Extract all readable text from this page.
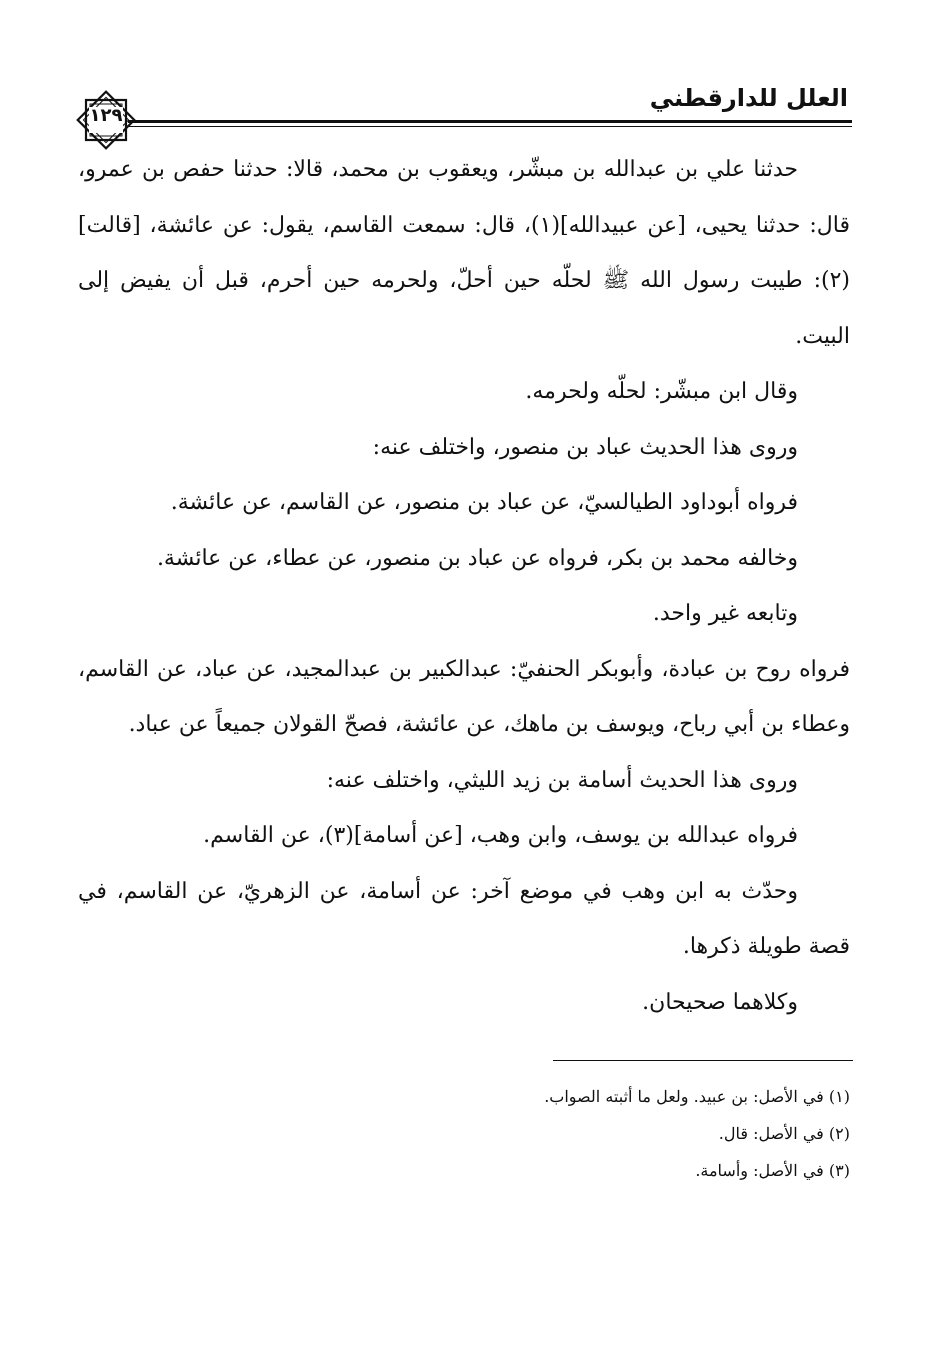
العلل للدارقطني
١٢٩

حدثنا علي بن عبدالله بن مبشّر، ويعقوب بن محمد، قالا: حدثنا حفص بن عمرو، قال: حدثنا يحيى، [عن عبيدالله](١)، قال: سمعت القاسم، يقول: عن عائشة، [قالت](٢): طيبت رسول الله ﷺ لحلّه حين أحلّ، ولحرمه حين أحرم، قبل أن يفيض إلى البيت.

وقال ابن مبشّر: لحلّه ولحرمه.

وروى هذا الحديث عباد بن منصور، واختلف عنه:

فرواه أبوداود الطيالسيّ، عن عباد بن منصور، عن القاسم، عن عائشة.

وخالفه محمد بن بكر، فرواه عن عباد بن منصور، عن عطاء، عن عائشة.

وتابعه غير واحد.

فرواه روح بن عبادة، وأبوبكر الحنفيّ: عبدالكبير بن عبدالمجيد، عن عباد، عن القاسم، وعطاء بن أبي رباح، ويوسف بن ماهك، عن عائشة، فصحّ القولان جميعاً عن عباد.

وروى هذا الحديث أسامة بن زيد الليثي، واختلف عنه:

فرواه عبدالله بن يوسف، وابن وهب، [عن أسامة](٣)، عن القاسم.

وحدّث به ابن وهب في موضع آخر: عن أسامة، عن الزهريّ، عن القاسم، في قصة طويلة ذكرها.

وكلاهما صحيحان.

(١) في الأصل: بن عبيد. ولعل ما أثبته الصواب.

(٢) في الأصل: قال.

(٣) في الأصل: وأسامة.
